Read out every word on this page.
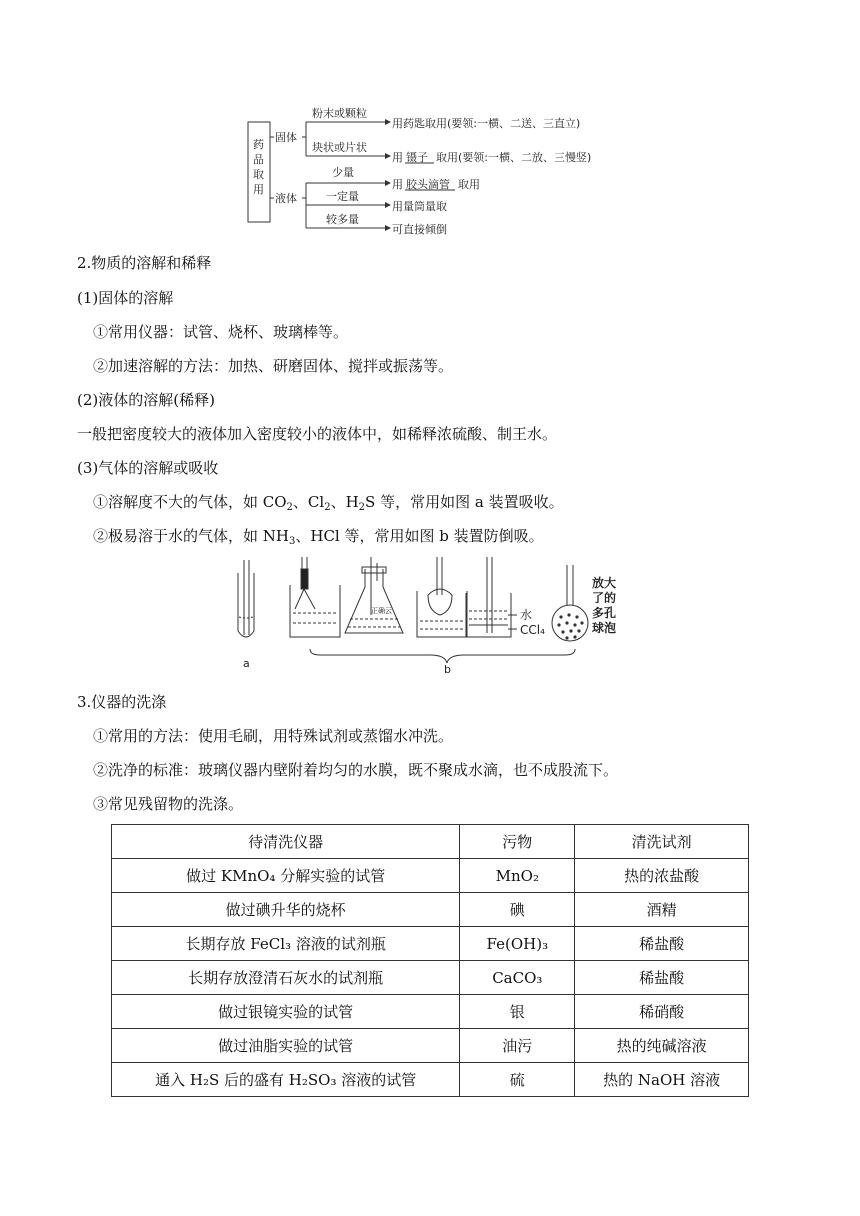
药
品
取
用
固体
液体
粉末或颗粒
块状或片状
用药匙取用(要领:一横、二送、三直立)
用 镊子 取用(要领:一横、二放、三慢竖)
少量
一定量
较多量
用 胶头滴管 取用
用量筒量取
可直接倾倒
2.物质的溶解和稀释
(1)固体的溶解
①常用仪器：试管、烧杯、玻璃棒等。
②加速溶解的方法：加热、研磨固体、搅拌或振荡等。
(2)液体的溶解(稀释)
一般把密度较大的液体加入密度较小的液体中，如稀释浓硫酸、制王水。
(3)气体的溶解或吸收
①溶解度不大的气体，如 $CO_2$、$Cl_2$、$H_2S$ 等，常用如图 a 装置吸收。
②极易溶于水的气体，如 $NH_3$、HCl 等，常用如图 b 装置防倒吸。
正确云
a	b
水
CCl₄
放大
了的
多孔
球泡
3.仪器的洗涤
①常用的方法：使用毛刷，用特殊试剂或蒸馏水冲洗。
②洗净的标准：玻璃仪器内壁附着均匀的水膜，既不聚成水滴，也不成股流下。
③常见残留物的洗涤。
待清洗仪器	污物	清洗试剂
做过 KMnO₄ 分解实验的试管	MnO₂	热的浓盐酸
做过碘升华的烧杯	碘	酒精
长期存放 FeCl₃ 溶液的试剂瓶	Fe(OH)₃	稀盐酸
长期存放澄清石灰水的试剂瓶	CaCO₃	稀盐酸
做过银镜实验的试管	银	稀硝酸
做过油脂实验的试管	油污	热的纯碱溶液
通入 H₂S 后的盛有 H₂SO₃ 溶液的试管	硫	热的 NaOH 溶液
